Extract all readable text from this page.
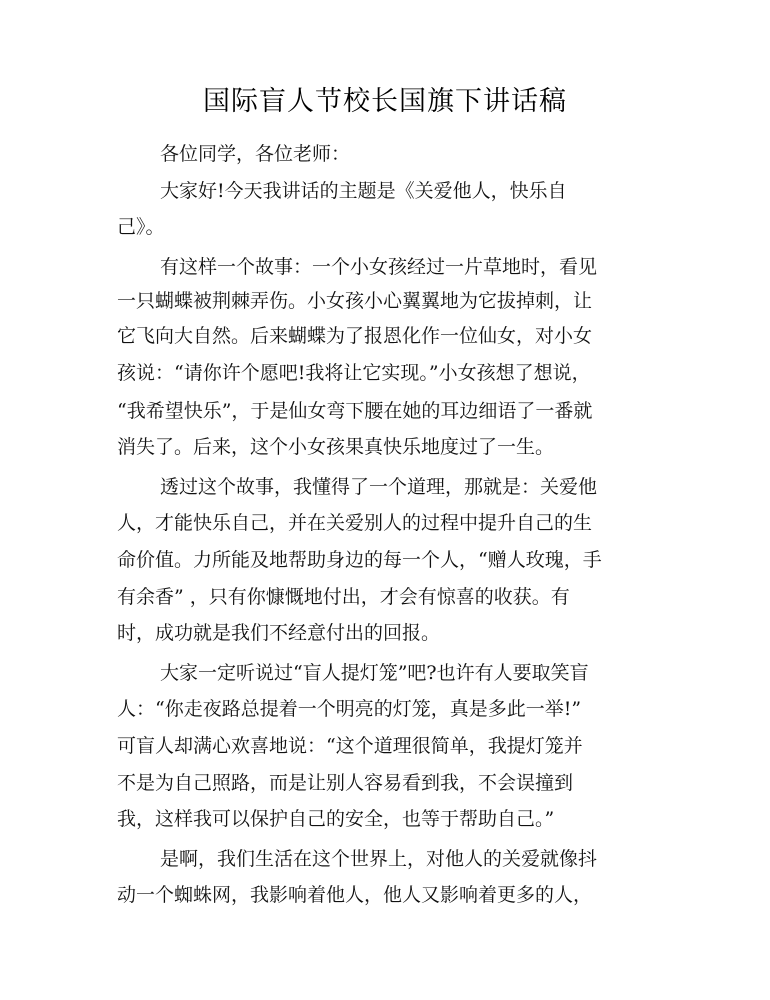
国际盲人节校长国旗下讲话稿
各位同学，各位老师：
大家好!今天我讲话的主题是《关爱他人，快乐自
己》。
有这样一个故事：一个小女孩经过一片草地时，看见
一只蝴蝶被荆棘弄伤。小女孩小心翼翼地为它拔掉刺，让
它飞向大自然。后来蝴蝶为了报恩化作一位仙女，对小女
孩说：“请你许个愿吧!我将让它实现。”小女孩想了想说，
“我希望快乐”，于是仙女弯下腰在她的耳边细语了一番就
消失了。后来，这个小女孩果真快乐地度过了一生。
透过这个故事，我懂得了一个道理，那就是：关爱他
人，才能快乐自己，并在关爱别人的过程中提升自己的生
命价值。力所能及地帮助身边的每一个人，“赠人玫瑰，手
有余香” ，只有你慷慨地付出，才会有惊喜的收获。有
时，成功就是我们不经意付出的回报。
大家一定听说过“盲人提灯笼”吧?也许有人要取笑盲
人：“你走夜路总提着一个明亮的灯笼，真是多此一举!”
可盲人却满心欢喜地说：“这个道理很简单，我提灯笼并
不是为自己照路，而是让别人容易看到我，不会误撞到
我，这样我可以保护自己的安全，也等于帮助自己。”
是啊，我们生活在这个世界上，对他人的关爱就像抖
动一个蜘蛛网，我影响着他人，他人又影响着更多的人，
